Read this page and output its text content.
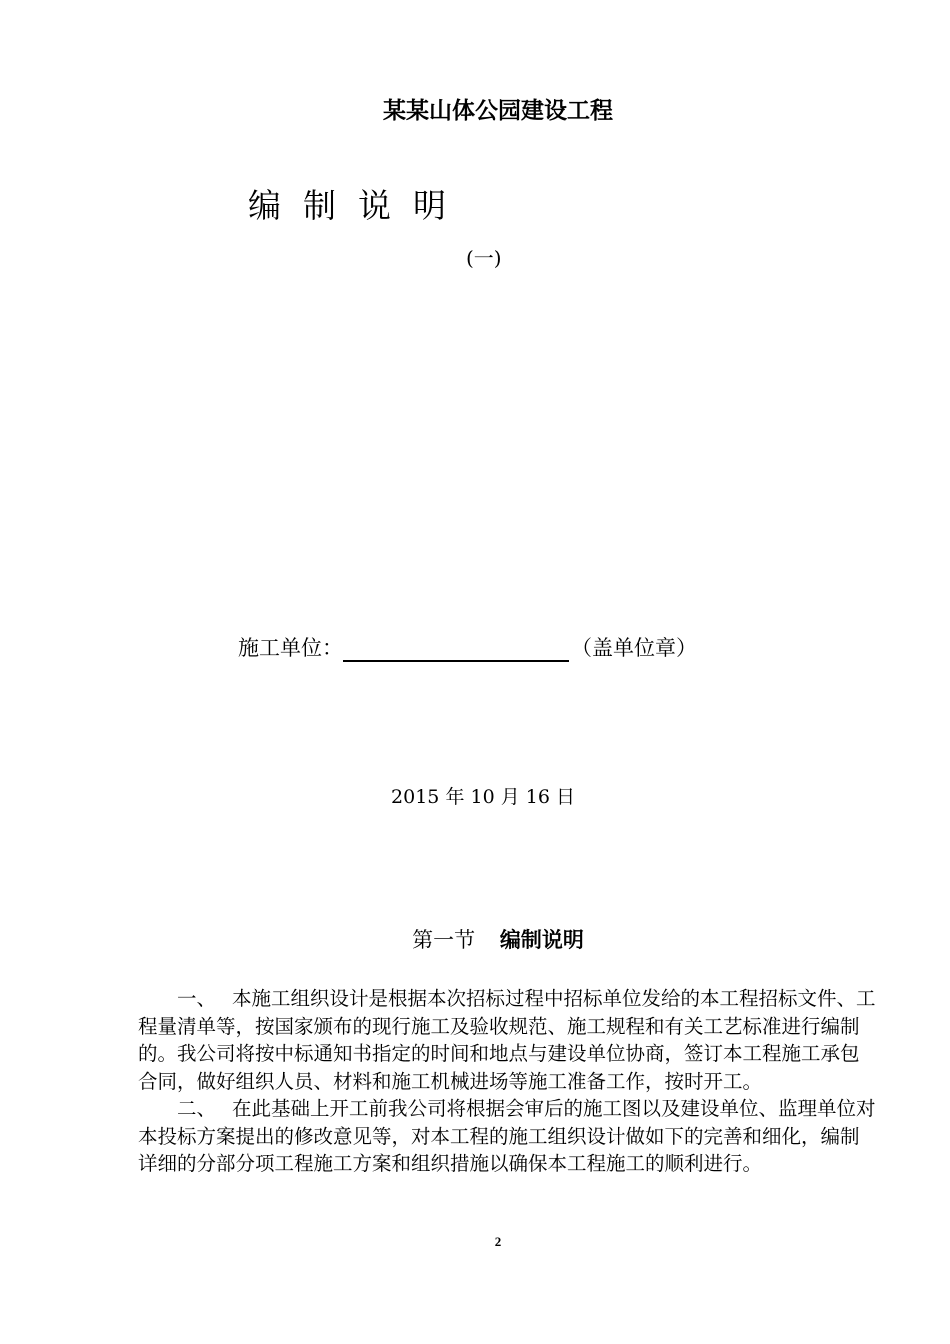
某某山体公园建设工程
编制说明
(一)
施工单位：	（盖单位章）
2015 年 10 月 16 日
第一节 编制说明

一、 本施工组织设计是根据本次招标过程中招标单位发给的本工程招标文件、工程量清单等，按国家颁布的现行施工及验收规范、施工规程和有关工艺标准进行编制的。我公司将按中标通知书指定的时间和地点与建设单位协商，签订本工程施工承包合同，做好组织人员、材料和施工机械进场等施工准备工作，按时开工。

二、 在此基础上开工前我公司将根据会审后的施工图以及建设单位、监理单位对本投标方案提出的修改意见等，对本工程的施工组织设计做如下的完善和细化，编制详细的分部分项工程施工方案和组织措施以确保本工程施工的顺利进行。

2
